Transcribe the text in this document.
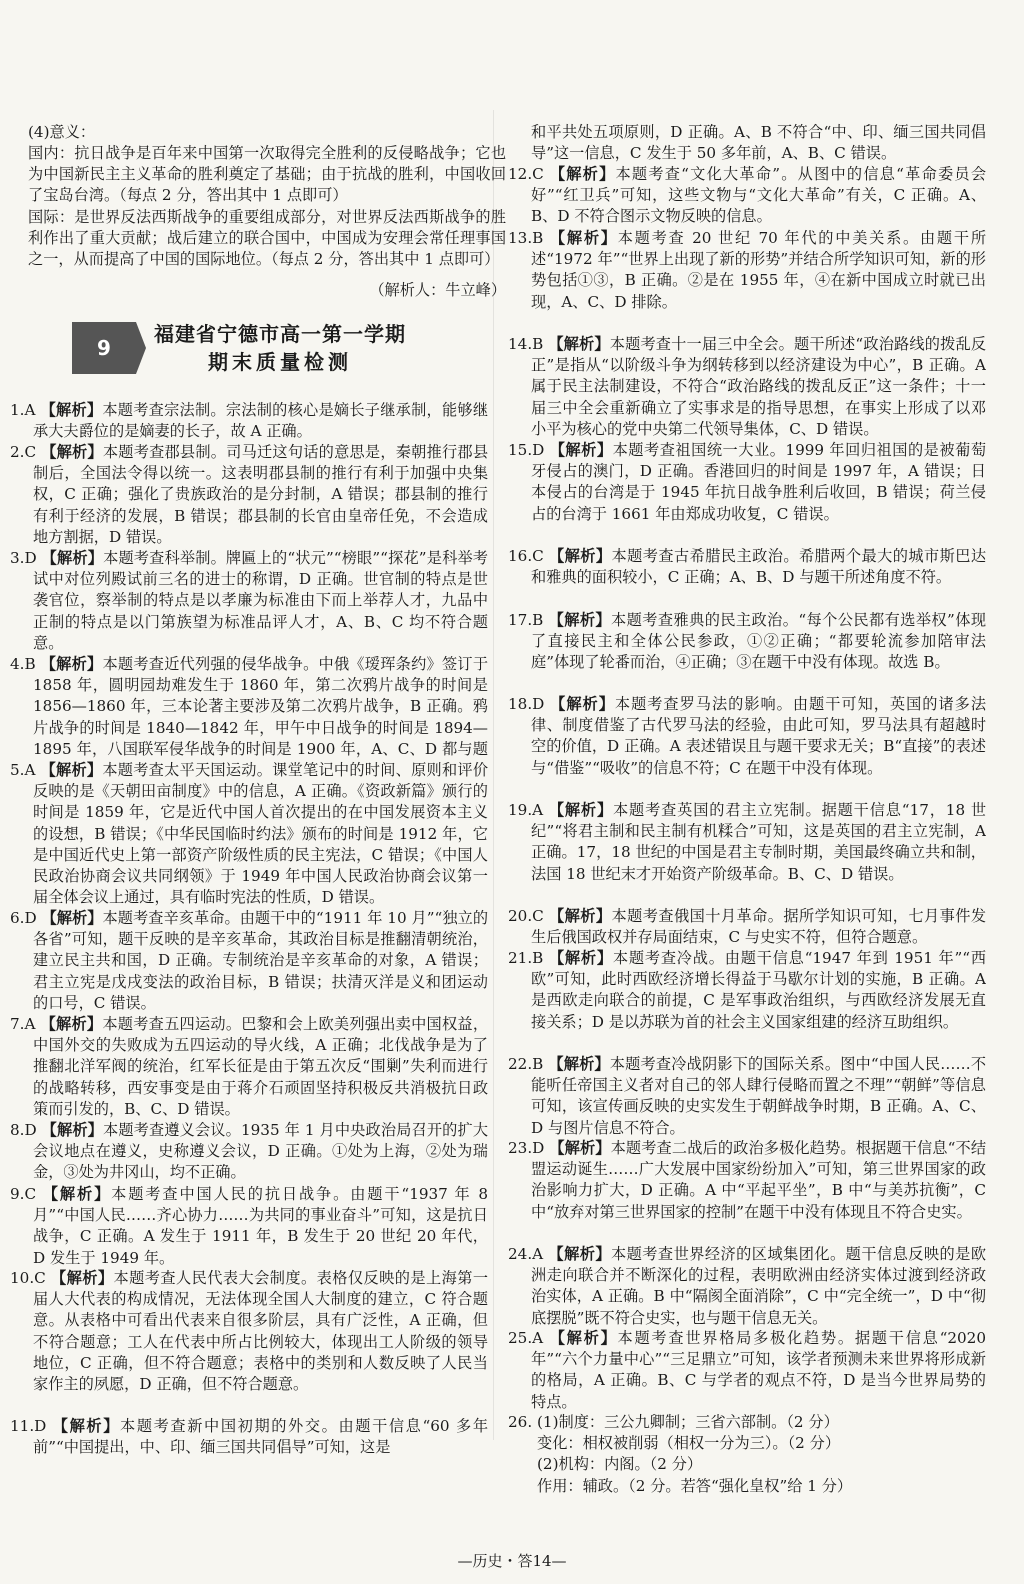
(4)意义：
国内：抗日战争是百年来中国第一次取得完全胜利的反侵略战争；它也为中国新民主主义革命的胜利奠定了基础；由于抗战的胜利，中国收回了宝岛台湾。（每点 2 分，答出其中 1 点即可）
国际：是世界反法西斯战争的重要组成部分，对世界反法西斯战争的胜利作出了重大贡献；战后建立的联合国中，中国成为安理会常任理事国之一，从而提高了中国的国际地位。（每点 2 分，答出其中 1 点即可）
（解析人：牛立峰）
9
福建省宁德市高一第一学期
期末质量检测
1.A 【解析】本题考查宗法制。宗法制的核心是嫡长子继承制，能够继承大夫爵位的是嫡妻的长子，故 A 正确。
2.C 【解析】本题考查郡县制。司马迁这句话的意思是，秦朝推行郡县制后，全国法令得以统一。这表明郡县制的推行有利于加强中央集权，C 正确；强化了贵族政治的是分封制，A 错误；郡县制的推行有利于经济的发展，B 错误；郡县制的长官由皇帝任免，不会造成地方割据，D 错误。
3.D 【解析】本题考查科举制。牌匾上的“状元”“榜眼”“探花”是科举考试中对位列殿试前三名的进士的称谓，D 正确。世官制的特点是世袭官位，察举制的特点是以孝廉为标准由下而上举荐人才，九品中正制的特点是以门第族望为标准品评人才，A、B、C 均不符合题意。
4.B 【解析】本题考查近代列强的侵华战争。中俄《瑷珲条约》签订于 1858 年，圆明园劫难发生于 1860 年，第二次鸦片战争的时间是 1856—1860 年，三本论著主要涉及第二次鸦片战争，B 正确。鸦片战争的时间是 1840—1842 年，甲午中日战争的时间是 1894—1895 年，八国联军侵华战争的时间是 1900 年，A、C、D 都与题
5.A 【解析】本题考查太平天国运动。课堂笔记中的时间、原则和评价反映的是《天朝田亩制度》中的信息，A 正确。《资政新篇》颁行的时间是 1859 年，它是近代中国人首次提出的在中国发展资本主义的设想，B 错误；《中华民国临时约法》颁布的时间是 1912 年，它是中国近代史上第一部资产阶级性质的民主宪法，C 错误；《中国人民政治协商会议共同纲领》于 1949 年中国人民政治协商会议第一届全体会议上通过，具有临时宪法的性质，D 错误。
6.D 【解析】本题考查辛亥革命。由题干中的“1911 年 10 月”“独立的各省”可知，题干反映的是辛亥革命，其政治目标是推翻清朝统治，建立民主共和国，D 正确。专制统治是辛亥革命的对象，A 错误；君主立宪是戊戌变法的政治目标，B 错误；扶清灭洋是义和团运动的口号，C 错误。
7.A 【解析】本题考查五四运动。巴黎和会上欧美列强出卖中国权益，中国外交的失败成为五四运动的导火线，A 正确；北伐战争是为了推翻北洋军阀的统治，红军长征是由于第五次反“围剿”失利而进行的战略转移，西安事变是由于蒋介石顽固坚持积极反共消极抗日政策而引发的，B、C、D 错误。
8.D 【解析】本题考查遵义会议。1935 年 1 月中央政治局召开的扩大会议地点在遵义，史称遵义会议，D 正确。①处为上海，②处为瑞金，③处为井冈山，均不正确。
9.C 【解析】本题考查中国人民的抗日战争。由题干“1937 年 8 月”“中国人民……齐心协力……为共同的事业奋斗”可知，这是抗日战争，C 正确。A 发生于 1911 年，B 发生于 20 世纪 20 年代，D 发生于 1949 年。
10.C 【解析】本题考查人民代表大会制度。表格仅反映的是上海第一届人大代表的构成情况，无法体现全国人大制度的建立，C 符合题意。从表格中可看出代表来自很多阶层，具有广泛性，A 正确，但不符合题意；工人在代表中所占比例较大，体现出工人阶级的领导地位，C 正确，但不符合题意；表格中的类别和人数反映了人民当家作主的夙愿，D 正确，但不符合题意。
11.D 【解析】本题考查新中国初期的外交。由题干信息“60 多年前”“中国提出，中、印、缅三国共同倡导”可知，这是
和平共处五项原则，D 正确。A、B 不符合“中、印、缅三国共同倡导”这一信息，C 发生于 50 多年前，A、B、C 错误。
12.C 【解析】本题考查“文化大革命”。从图中的信息“革命委员会好”“红卫兵”可知，这些文物与“文化大革命”有关，C 正确。A、B、D 不符合图示文物反映的信息。
13.B 【解析】本题考查 20 世纪 70 年代的中美关系。由题干所述“1972 年”“世界上出现了新的形势”并结合所学知识可知，新的形势包括①③，B 正确。②是在 1955 年，④在新中国成立时就已出现，A、C、D 排除。
14.B 【解析】本题考查十一届三中全会。题干所述“政治路线的拨乱反正”是指从“以阶级斗争为纲转移到以经济建设为中心”，B 正确。A 属于民主法制建设，不符合“政治路线的拨乱反正”这一条件；十一届三中全会重新确立了实事求是的指导思想，在事实上形成了以邓小平为核心的党中央第二代领导集体，C、D 错误。
15.D 【解析】本题考查祖国统一大业。1999 年回归祖国的是被葡萄牙侵占的澳门，D 正确。香港回归的时间是 1997 年，A 错误；日本侵占的台湾是于 1945 年抗日战争胜利后收回，B 错误；荷兰侵占的台湾于 1661 年由郑成功收复，C 错误。
16.C 【解析】本题考查古希腊民主政治。希腊两个最大的城市斯巴达和雅典的面积较小，C 正确；A、B、D 与题干所述角度不符。
17.B 【解析】本题考查雅典的民主政治。“每个公民都有选举权”体现了直接民主和全体公民参政，①②正确；“都要轮流参加陪审法庭”体现了轮番而治，④正确；③在题干中没有体现。故选 B。
18.D 【解析】本题考查罗马法的影响。由题干可知，英国的诸多法律、制度借鉴了古代罗马法的经验，由此可知，罗马法具有超越时空的价值，D 正确。A 表述错误且与题干要求无关；B“直接”的表述与“借鉴”“吸收”的信息不符；C 在题干中没有体现。
19.A 【解析】本题考查英国的君主立宪制。据题干信息“17，18 世纪”“将君主制和民主制有机糅合”可知，这是英国的君主立宪制，A 正确。17，18 世纪的中国是君主专制时期，美国最终确立共和制，法国 18 世纪末才开始资产阶级革命。B、C、D 错误。
20.C 【解析】本题考查俄国十月革命。据所学知识可知，七月事件发生后俄国政权并存局面结束，C 与史实不符，但符合题意。
21.B 【解析】本题考查冷战。由题干信息“1947 年到 1951 年”“西欧”可知，此时西欧经济增长得益于马歇尔计划的实施，B 正确。A 是西欧走向联合的前提，C 是军事政治组织，与西欧经济发展无直接关系；D 是以苏联为首的社会主义国家组建的经济互助组织。
22.B 【解析】本题考查冷战阴影下的国际关系。图中“中国人民……不能听任帝国主义者对自己的邻人肆行侵略而置之不理”“朝鲜”等信息可知，该宣传画反映的史实发生于朝鲜战争时期，B 正确。A、C、D 与图片信息不符合。
23.D 【解析】本题考查二战后的政治多极化趋势。根据题干信息“不结盟运动诞生……广大发展中国家纷纷加入”可知，第三世界国家的政治影响力扩大，D 正确。A 中“平起平坐”，B 中“与美苏抗衡”，C 中“放弃对第三世界国家的控制”在题干中没有体现且不符合史实。
24.A 【解析】本题考查世界经济的区域集团化。题干信息反映的是欧洲走向联合并不断深化的过程，表明欧洲由经济实体过渡到经济政治实体，A 正确。B 中“隔阂全面消除”，C 中“完全统一”，D 中“彻底摆脱”既不符合史实，也与题干信息无关。
25.A 【解析】本题考查世界格局多极化趋势。据题干信息“2020 年”“六个力量中心”“三足鼎立”可知，该学者预测未来世界将形成新的格局，A 正确。B、C 与学者的观点不符，D 是当今世界局势的特点。
26. (1)制度：三公九卿制；三省六部制。（2 分）
变化：相权被削弱（相权一分为三）。（2 分）
(2)机构：内阁。（2 分）
作用：辅政。（2 分。若答“强化皇权”给 1 分）
—历史・答14—
